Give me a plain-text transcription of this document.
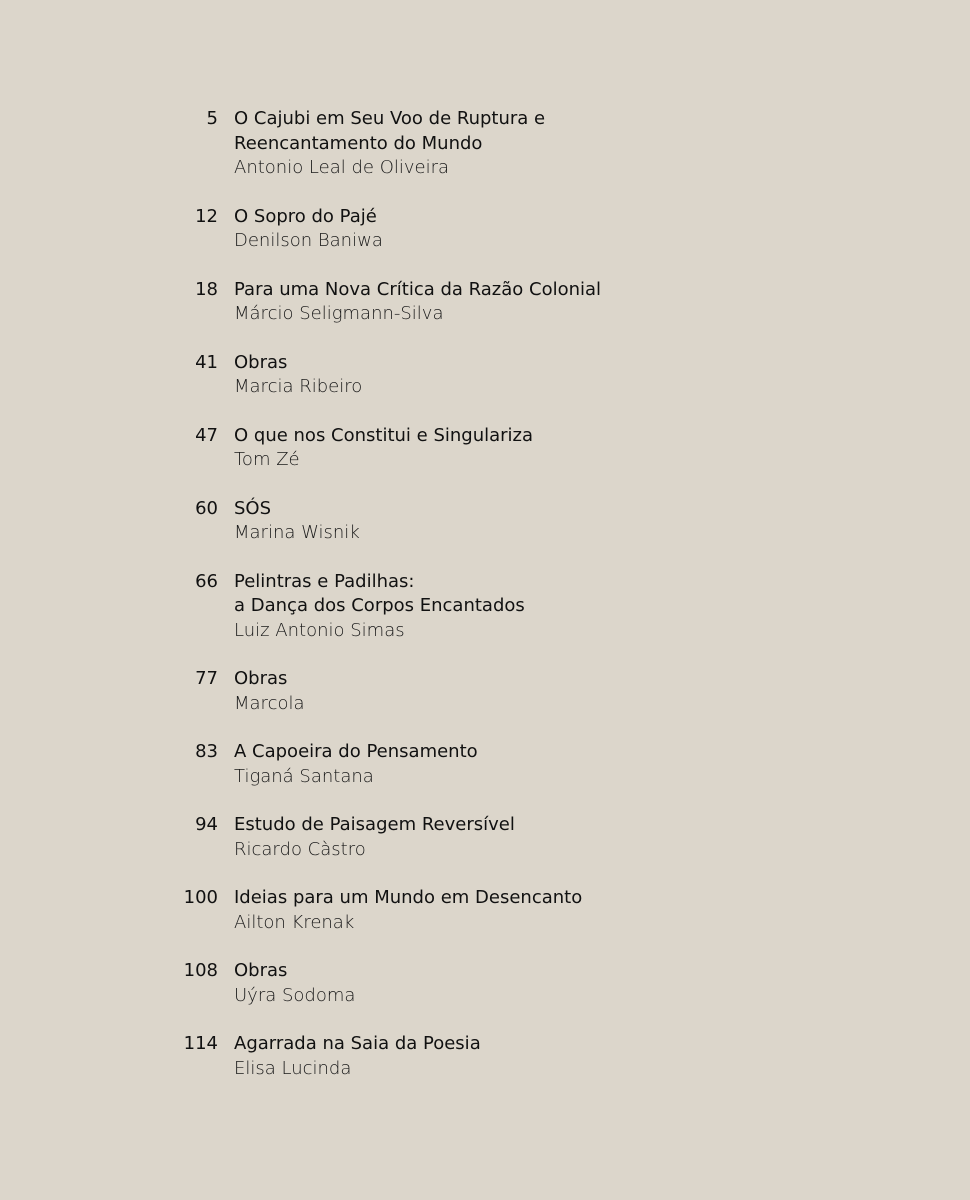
5 O Cajubi em Seu Voo de Ruptura e
Reencantamento do Mundo
Antonio Leal de Oliveira
12 O Sopro do Pajé
Denilson Baniwa
18 Para uma Nova Crítica da Razão Colonial
Márcio Seligmann-Silva
41 Obras
Marcia Ribeiro
47 O que nos Constitui e Singulariza
Tom Zé
60 SÓS
Marina Wisnik
66 Pelintras e Padilhas:
a Dança dos Corpos Encantados
Luiz Antonio Simas
77 Obras
Marcola
83 A Capoeira do Pensamento
Tiganá Santana
94 Estudo de Paisagem Reversível
Ricardo Càstro
100 Ideias para um Mundo em Desencanto
Ailton Krenak
108 Obras
Uýra Sodoma
114 Agarrada na Saia da Poesia
Elisa Lucinda
